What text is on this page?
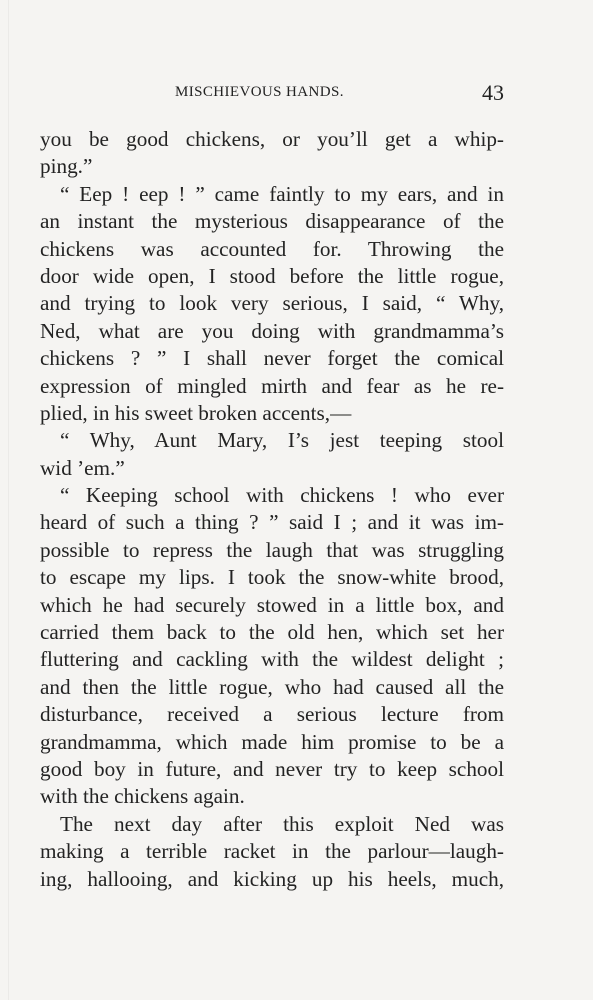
MISCHIEVOUS HANDS.	43
you be good chickens, or you’ll get a whip-
ping.”
“ Eep ! eep ! ” came faintly to my ears, and in
an instant the mysterious disappearance of the
chickens was accounted for. Throwing the
door wide open, I stood before the little rogue,
and trying to look very serious, I said, “ Why,
Ned, what are you doing with grandmamma’s
chickens ? ” I shall never forget the comical
expression of mingled mirth and fear as he re-
plied, in his sweet broken accents,—
“ Why, Aunt Mary, I’s jest teeping stool
wid ’em.”
“ Keeping school with chickens ! who ever
heard of such a thing ? ” said I ; and it was im-
possible to repress the laugh that was struggling
to escape my lips. I took the snow-white brood,
which he had securely stowed in a little box, and
carried them back to the old hen, which set her
fluttering and cackling with the wildest delight ;
and then the little rogue, who had caused all the
disturbance, received a serious lecture from
grandmamma, which made him promise to be a
good boy in future, and never try to keep school
with the chickens again.
The next day after this exploit Ned was
making a terrible racket in the parlour—laugh-
ing, hallooing, and kicking up his heels, much,
